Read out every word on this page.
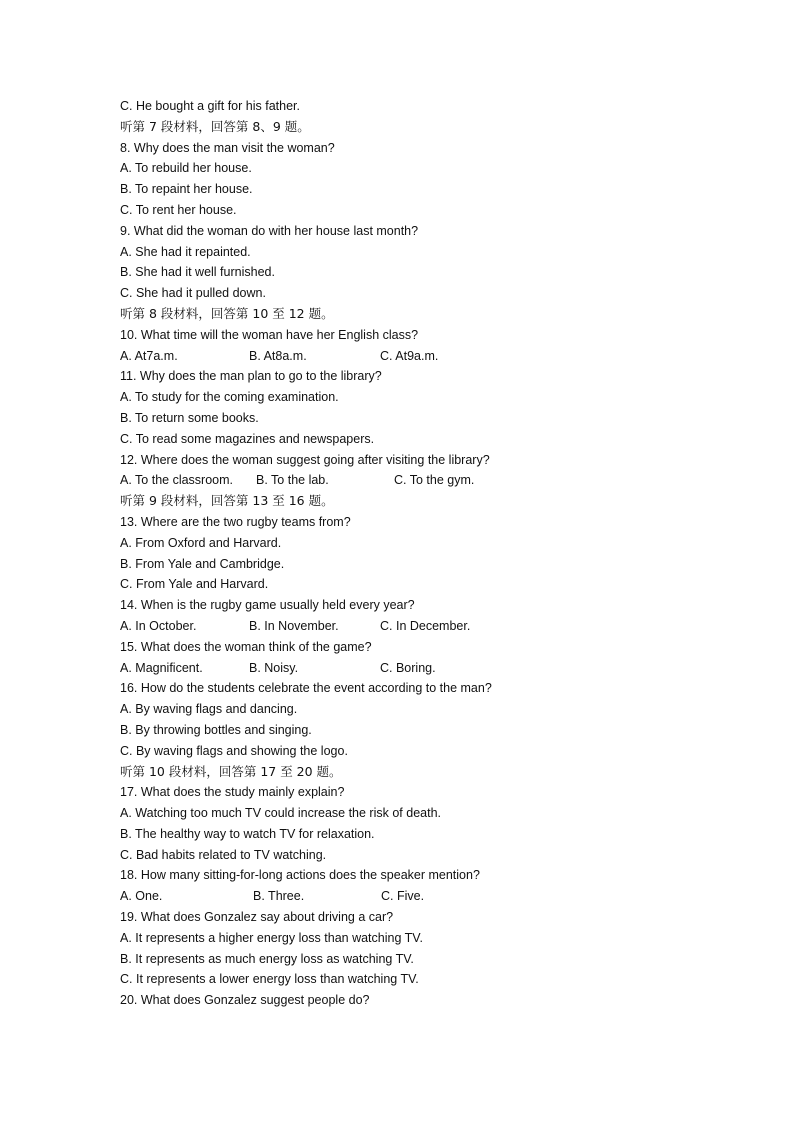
C. He bought a gift for his father.
听第 7 段材料，回答第 8、9 题。
8. Why does the man visit the woman?
A. To rebuild her house.
B. To repaint her house.
C. To rent her house.
9. What did the woman do with her house last month?
A. She had it repainted.
B. She had it well furnished.
C. She had it pulled down.
听第 8 段材料，回答第 10 至 12 题。
10. What time will the woman have her English class?
A. At7a.m.	B. At8a.m.	C. At9a.m.
11. Why does the man plan to go to the library?
A. To study for the coming examination.
B. To return some books.
C. To read some magazines and newspapers.
12. Where does the woman suggest going after visiting the library?
A. To the classroom.	B. To the lab.	C. To the gym.
听第 9 段材料，回答第 13 至 16 题。
13. Where are the two rugby teams from?
A. From Oxford and Harvard.
B. From Yale and Cambridge.
C. From Yale and Harvard.
14. When is the rugby game usually held every year?
A. In October.	B. In November.	C. In December.
15. What does the woman think of the game?
A. Magnificent.	B. Noisy.	C. Boring.
16. How do the students celebrate the event according to the man?
A. By waving flags and dancing.
B. By throwing bottles and singing.
C. By waving flags and showing the logo.
听第 10 段材料，回答第 17 至 20 题。
17. What does the study mainly explain?
A. Watching too much TV could increase the risk of death.
B. The healthy way to watch TV for relaxation.
C. Bad habits related to TV watching.
18. How many sitting-for-long actions does the speaker mention?
A. One.	B. Three.	C. Five.
19. What does Gonzalez say about driving a car?
A. It represents a higher energy loss than watching TV.
B. It represents as much energy loss as watching TV.
C. It represents a lower energy loss than watching TV.
20. What does Gonzalez suggest people do?
